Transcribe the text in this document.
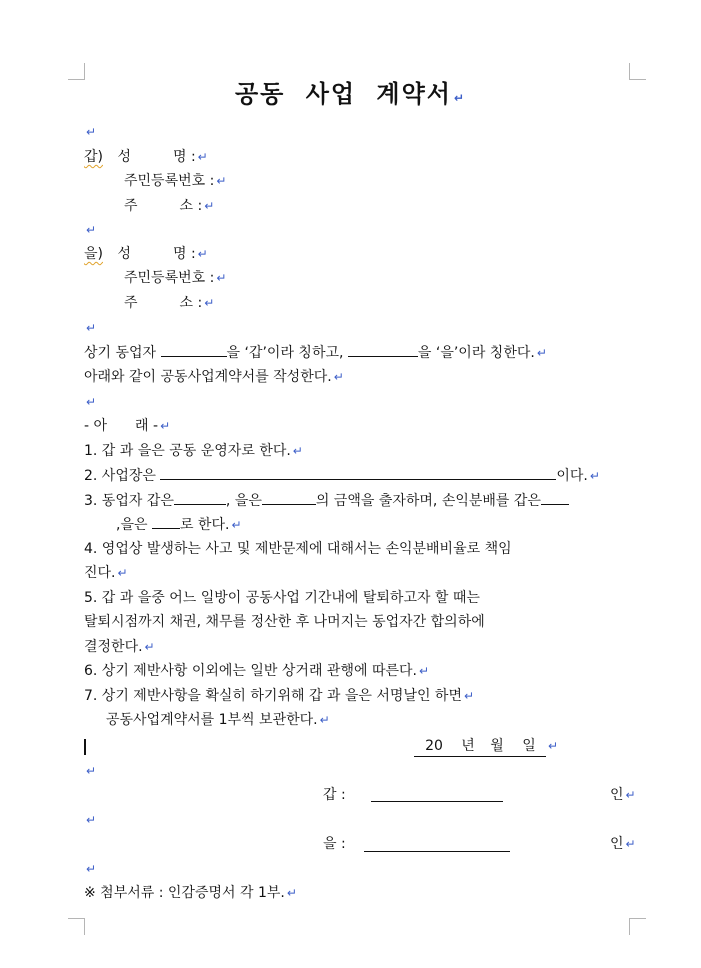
공동 사업 계약서 ↵
↵
갑) 성　　　명 : ↵
주민등록번호 : ↵
주　　　소 : ↵
↵
을) 성　　　명 : ↵
주민등록번호 : ↵
주　　　소 : ↵
↵
상기 동업자	을 ‘갑’이라 칭하고,	을 ‘을’이라 칭한다. ↵
아래와 같이 공동사업계약서를 작성한다. ↵
↵
- 아　　래 - ↵
1. 갑 과 을은 공동 운영자로 한다. ↵
2. 사업장은	이다. ↵
3. 동업자 갑은	, 을은	의 금액을 출자하며, 손익분배를 갑은
,을은 로 한다. ↵
4. 영업상 발생하는 사고 및 제반문제에 대해서는 손익분배비율로 책임
진다. ↵
5. 갑 과 을중 어느 일방이 공동사업 기간내에 탈퇴하고자 할 때는
탈퇴시점까지 채권, 채무를 정산한 후 나머지는 동업자간 합의하에
결정한다. ↵
6. 상기 제반사항 이외에는 일반 상거래 관행에 따른다. ↵
7. 상기 제반사항을 확실히 하기위해 갑 과 을은 서명날인 하면 ↵
공동사업계약서를 1부씩 보관한다. ↵
20 년 월 일 ↵
↵
갑 :	인 ↵
↵
을 :	인 ↵
↵
※ 첨부서류 : 인감증명서 각 1부. ↵
